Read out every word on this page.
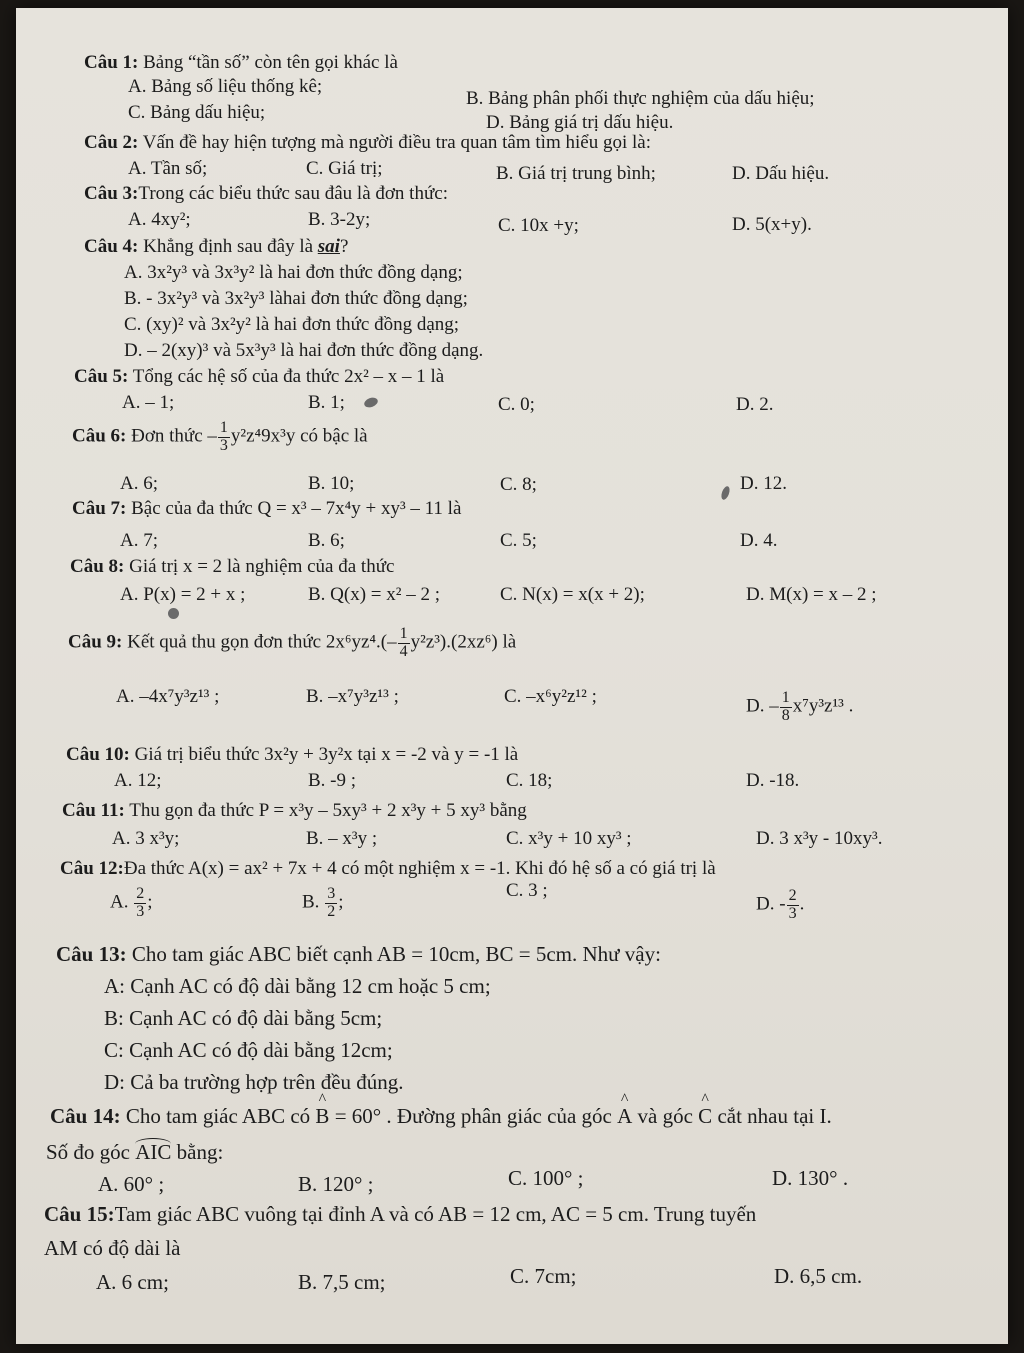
Câu 1: Bảng “tần số” còn tên gọi khác là
A. Bảng số liệu thống kê;
B. Bảng phân phối thực nghiệm của dấu hiệu;
C. Bảng dấu hiệu;	D. Bảng giá trị dấu hiệu.
Câu 2: Vấn đề hay hiện tượng mà người điều tra quan tâm tìm hiểu gọi là:
A. Tần số;	C. Giá trị;	B. Giá trị trung bình;	D. Dấu hiệu.
Câu 3:Trong các biểu thức sau đâu là đơn thức:
A. 4xy²;	B. 3-2y;	C. 10x +y;	D. 5(x+y).
Câu 4: Khẳng định sau đây là sai?
A. 3x²y³ và 3x³y² là hai đơn thức đồng dạng;
B. - 3x²y³ và 3x²y³ làhai đơn thức đồng dạng;
C. (xy)² và 3x²y² là hai đơn thức đồng dạng;
D. – 2(xy)³ và 5x³y³ là hai đơn thức đồng dạng.
Câu 5: Tổng các hệ số của đa thức 2x² – x – 1 là
A. – 1;	B. 1;	C. 0;	D. 2.
Câu 6: Đơn thức – $\frac{1}{3} y^2z^49x^3y$ có bậc là
A. 6;	B. 10;	C. 8;	D. 12.
Câu 7: Bậc của đa thức Q = x³ – 7x⁴y + xy³ – 11 là
A. 7;	B. 6;	C. 5;	D. 4.
Câu 8: Giá trị x = 2 là nghiệm của đa thức
A. P(x) = 2 + x ;	B. Q(x) = x² – 2 ;	C. N(x) = x(x + 2);	D. M(x) = x – 2 ;
Câu 9: Kết quả thu gọn đơn thức $2x^6yz^4.(- \frac{1}{4} y^2z^3).(2xz^6)$ là
A. –4x⁷y³z¹³ ;	B. –x⁷y³z¹³ ;	C. –x⁶y²z¹² ;	D. – $\frac{1}{8} x^7y^3z^{13}$ .
Câu 10: Giá trị biểu thức 3x²y + 3y²x tại x = -2 và y = -1 là
A. 12;	B. -9 ;	C. 18;	D. -18.
Câu 11: Thu gọn đa thức P = x³y – 5xy³ + 2 x³y + 5 xy³ bằng
A. 3 x³y;	B. – x³y ;	C. x³y + 10 xy³ ;	D. 3 x³y - 10xy³.
Câu 12:Đa thức A(x) = ax² + 7x + 4 có một nghiệm x = -1. Khi đó hệ số a có giá trị là
A. $\frac{2}{3}$ ;	B. $\frac{3}{2}$ ;
C. 3 ;
D. - $\frac{2}{3}$ .
Câu 13: Cho tam giác ABC biết cạnh AB = 10cm, BC = 5cm. Như vậy:
A: Cạnh AC có độ dài bằng 12 cm hoặc 5 cm;
B: Cạnh AC có độ dài bằng 5cm;
C: Cạnh AC có độ dài bằng 12cm;
D: Cả ba trường hợp trên đều đúng.
Câu 14: Cho tam giác ABC có ^ B = 60° . Đường phân giác của góc ^ A và góc ^ C cắt nhau tại I.
Số đo góc AIC bằng:
A. 60° ;	B. 120° ;	C. 100° ;	D. 130° .
Câu 15:Tam giác ABC vuông tại đỉnh A và có AB = 12 cm, AC = 5 cm. Trung tuyến
AM có độ dài là
A. 6 cm;	B. 7,5 cm;	C. 7cm;	D. 6,5 cm.
